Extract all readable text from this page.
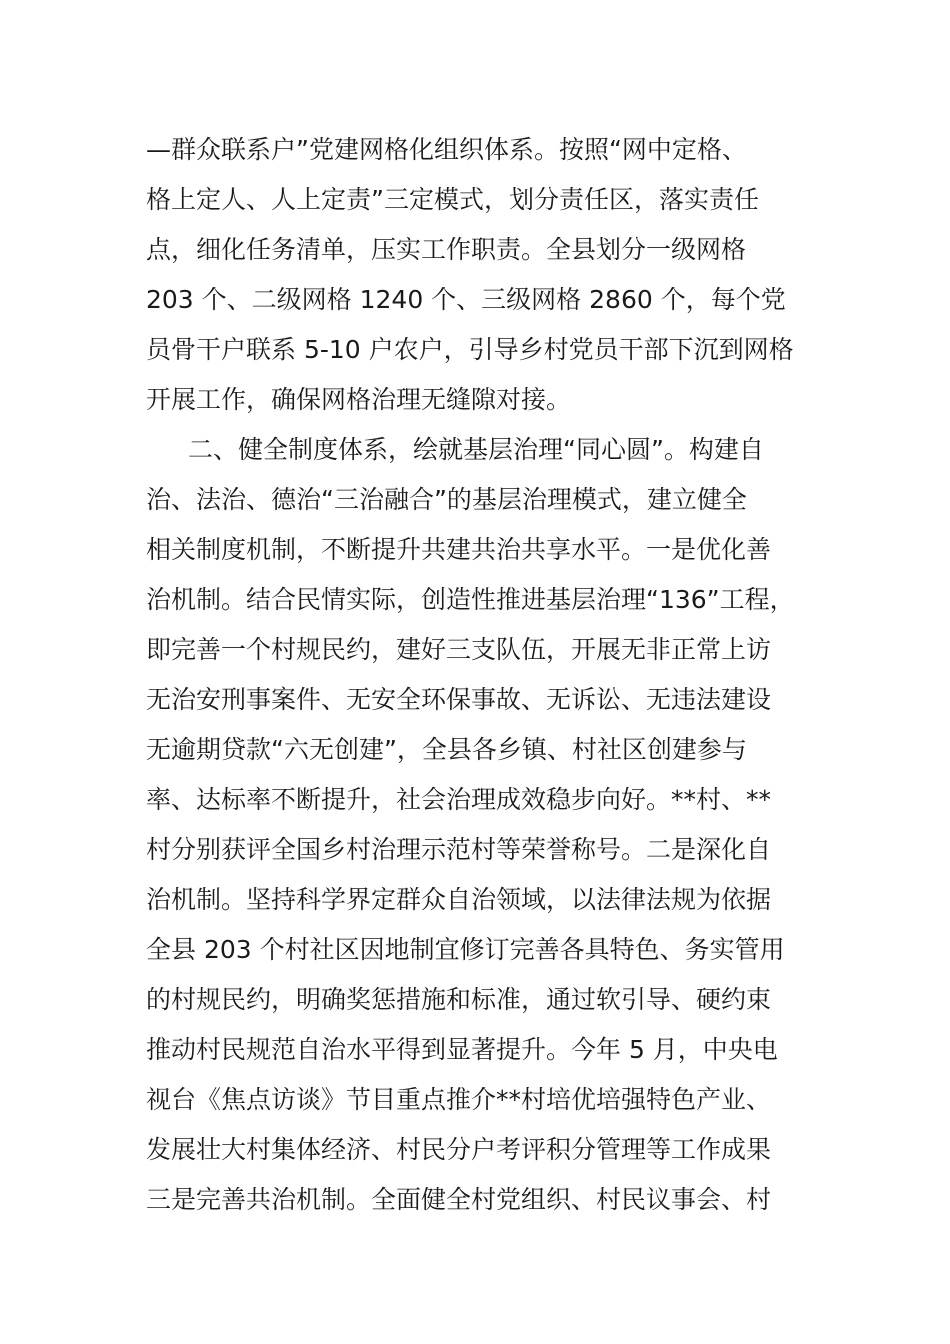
—群众联系户”党建网格化组织体系。按照“网中定格、
格上定人、人上定责”三定模式，划分责任区，落实责任
点，细化任务清单，压实工作职责。全县划分一级网格
203 个、二级网格 1240 个、三级网格 2860 个，每个党
员骨干户联系 5-10 户农户，引导乡村党员干部下沉到网格
开展工作，确保网格治理无缝隙对接。
二、健全制度体系，绘就基层治理“同心圆”。构建自
治、法治、德治“三治融合”的基层治理模式，建立健全
相关制度机制，不断提升共建共治共享水平。一是优化善
治机制。结合民情实际，创造性推进基层治理“136”工程，
即完善一个村规民约，建好三支队伍，开展无非正常上访
无治安刑事案件、无安全环保事故、无诉讼、无违法建设
无逾期贷款“六无创建”，全县各乡镇、村社区创建参与
率、达标率不断提升，社会治理成效稳步向好。**村、**
村分别获评全国乡村治理示范村等荣誉称号。二是深化自
治机制。坚持科学界定群众自治领域，以法律法规为依据
全县 203 个村社区因地制宜修订完善各具特色、务实管用
的村规民约，明确奖惩措施和标准，通过软引导、硬约束
推动村民规范自治水平得到显著提升。今年 5 月，中央电
视台《焦点访谈》节目重点推介**村培优培强特色产业、
发展壮大村集体经济、村民分户考评积分管理等工作成果
三是完善共治机制。全面健全村党组织、村民议事会、村
